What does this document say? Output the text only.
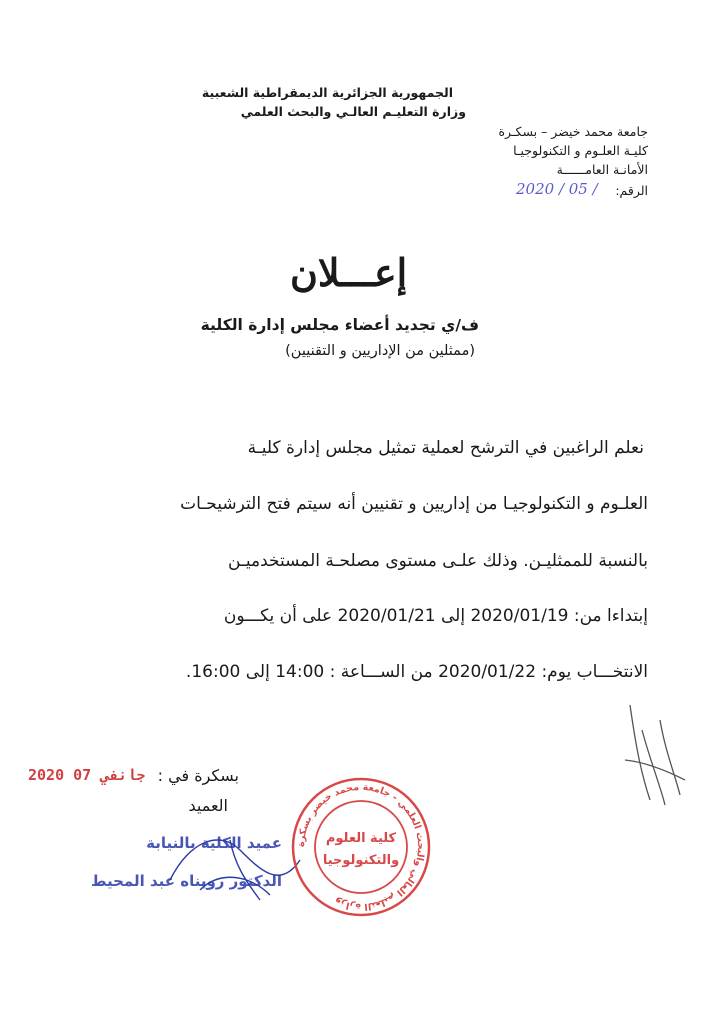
الجمهورية الجزائرية الديمقراطية الشعبية
وزارة التعليـم العالـي والبحث العلمي
جامعة محمد خيضر – بسكـرة
كليـة العلـوم و التكنولوجيـا
الأمانـة العامــــــة
الرقم:
2020 / 05 /
إعـــلان
ف/ي تجديد أعضاء مجلس إدارة الكلية
(ممثلين من الإداريين و التقنيين)
نعلم الراغبين في الترشح لعملية تمثيل مجلس إدارة كليـة
العلـوم و التكنولوجيـا من إداريين و تقنيين أنه سيتم فتح الترشيحـات
بالنسبة للممثليـن. وذلك علـى مستوى مصلحـة المستخدميـن
إبتداءا من: 2020/01/19 إلى 2020/01/21 على أن يكـــون
الانتخـــاب يوم: 2020/01/22 من الســـاعة : 14:00 إلى 16:00.
2020 جانفي 07 بسكرة في :
العميد
عميد الكلية بالنيابة
الدكتور رويناه عبد المحيط
وزارة التعليم العالي والبحث العلمي - جامعة محمد خيضر بسكرة
كلية العلوم
والتكنولوجيا
